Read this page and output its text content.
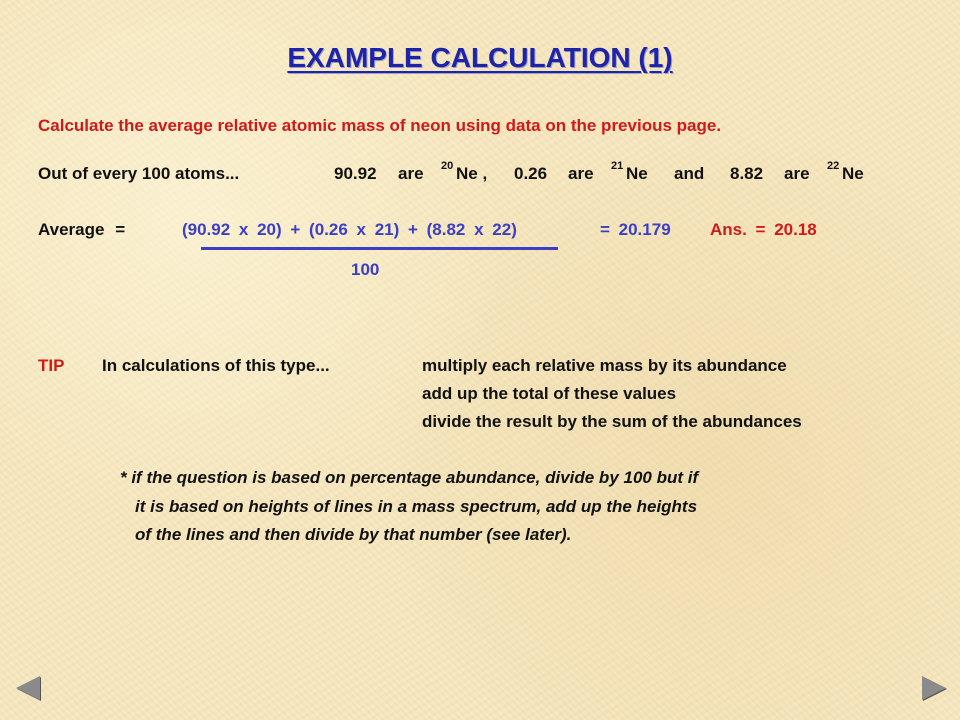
EXAMPLE CALCULATION (1)
Calculate the average relative atomic mass of neon using data on the previous page.
Out of every 100 atoms...	90.92 are 20 Ne , 0.26 are 21 Ne and 8.82 are 22 Ne
Average =	(90.92 x 20) + (0.26 x 21) + (8.82 x 22)	= 20.179 Ans. = 20.18
100
TIP In calculations of this type...	multiply each relative mass by its abundance
add up the total of these values
divide the result by the sum of the abundances
* if the question is based on percentage abundance, divide by 100 but if
it is based on heights of lines in a mass spectrum, add up the heights
of the lines and then divide by that number (see later).
